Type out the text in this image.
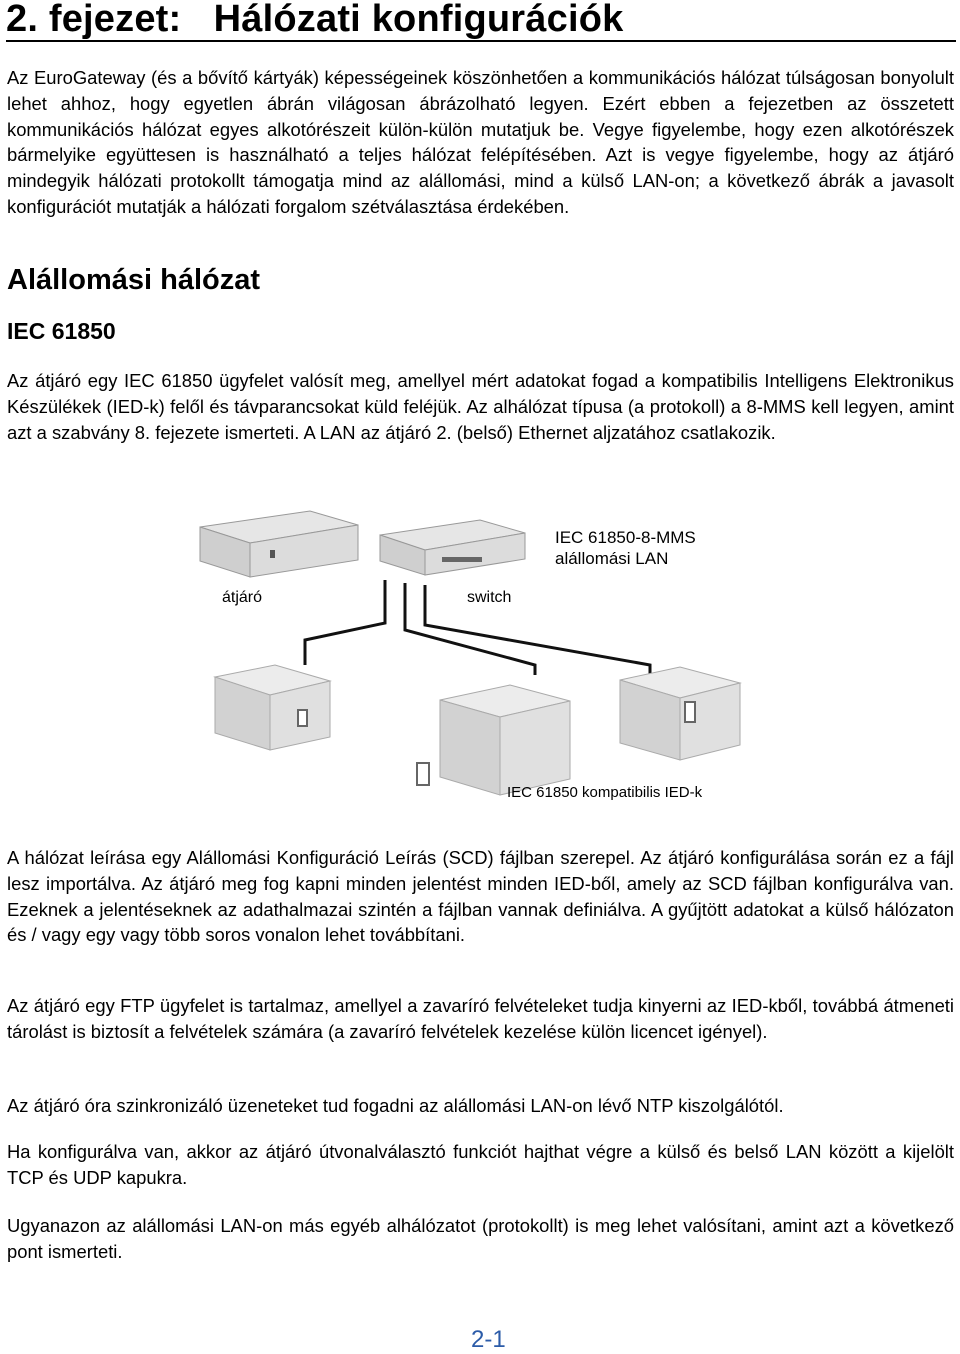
2. fejezet:   Hálózati konfigurációk

Az EuroGateway (és a bővítő kártyák) képességeinek köszönhetően a kommunikációs hálózat túlságosan bonyolult lehet ahhoz, hogy egyetlen ábrán világosan ábrázolható legyen. Ezért ebben a fejezetben az összetett kommunikációs hálózat egyes alkotórészeit külön-külön mutatjuk be. Vegye figyelembe, hogy ezen alkotórészek bármelyike együttesen is használható a teljes hálózat felépítésében. Azt is vegye figyelembe, hogy az átjáró mindegyik hálózati protokollt támogatja mind az alállomási, mind a külső LAN-on; a következő ábrák a javasolt konfigurációt mutatják a hálózati forgalom szétválasztása érdekében.

Alállomási hálózat
IEC 61850

Az átjáró egy IEC 61850 ügyfelet valósít meg, amellyel mért adatokat fogad a kompatibilis Intelligens Elektronikus Készülékek (IED-k) felől és távparancsokat küld feléjük. Az alhálózat típusa (a protokoll) a 8-MMS kell legyen, amint azt a szabvány 8. fejezete ismerteti. A LAN az átjáró 2. (belső) Ethernet aljzatához csatlakozik.

átjáró	switch
IEC 61850-8-MMS
alállomási LAN
IEC 61850 kompatibilis IED-k

A hálózat leírása egy Alállomási Konfiguráció Leírás (SCD) fájlban szerepel. Az átjáró konfigurálása során ez a fájl lesz importálva. Az átjáró meg fog kapni minden jelentést minden IED-ből, amely az SCD fájlban konfigurálva van. Ezeknek a jelentéseknek az adathalmazai szintén a fájlban vannak definiálva. A gyűjtött adatokat a külső hálózaton és / vagy egy vagy több soros vonalon lehet továbbítani.

Az átjáró egy FTP ügyfelet is tartalmaz, amellyel a zavaríró felvételeket tudja kinyerni az IED-kből, továbbá átmeneti tárolást is biztosít a felvételek számára (a zavaríró felvételek kezelése külön licencet igényel).

Az átjáró óra szinkronizáló üzeneteket tud fogadni az alállomási LAN-on lévő NTP kiszolgálótól.

Ha konfigurálva van, akkor az átjáró útvonalválasztó funkciót hajthat végre a külső és belső LAN között a kijelölt TCP és UDP kapukra.

Ugyanazon az alállomási LAN-on más egyéb alhálózatot (protokollt) is meg lehet valósítani, amint azt a következő pont ismerteti.

2-1
